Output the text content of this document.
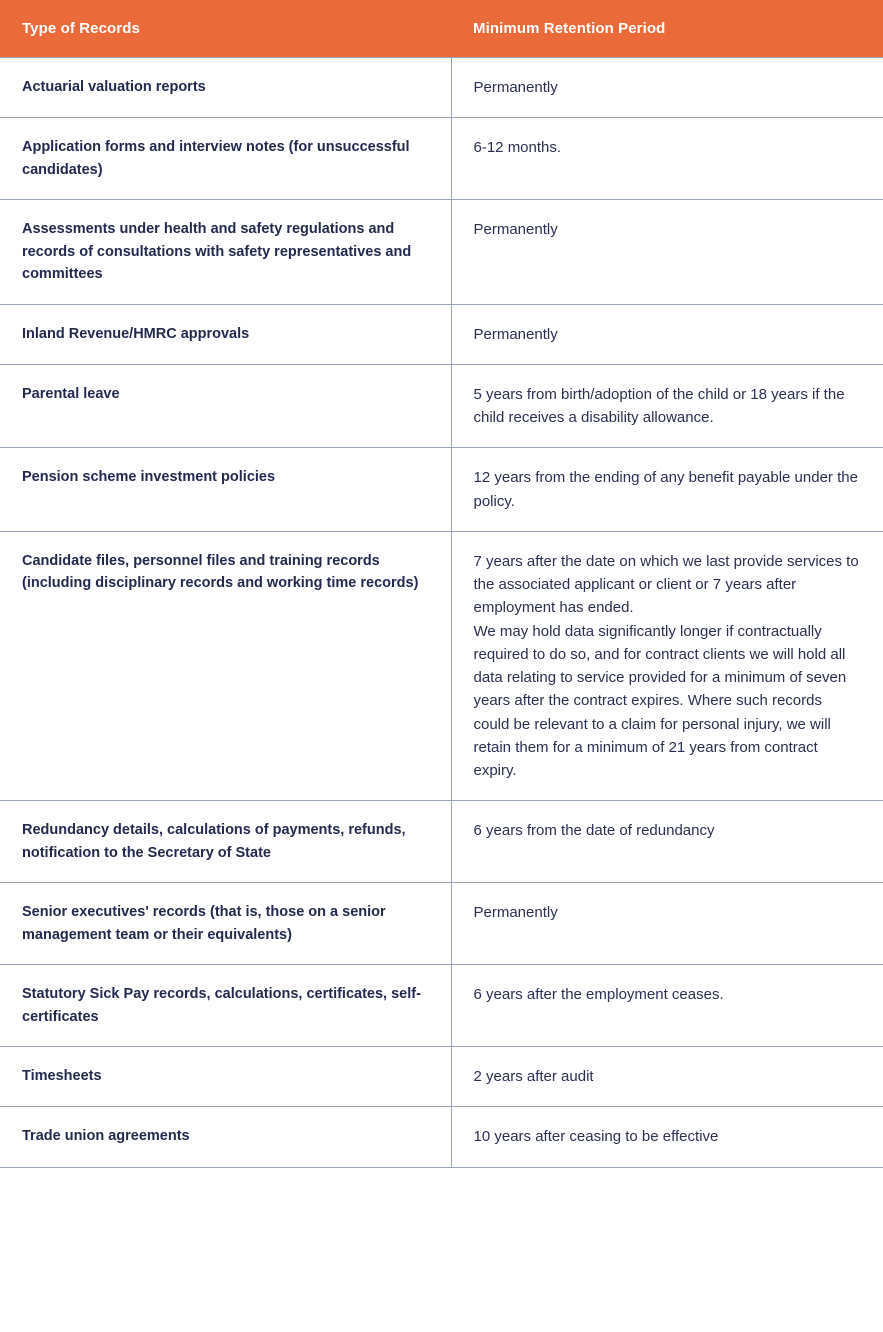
Type of Records	Minimum Retention Period
Actuarial valuation reports	Permanently
Application forms and interview notes (for unsuccessful candidates)	6-12 months.
Assessments under health and safety regulations and records of consultations with safety representatives and committees	Permanently
Inland Revenue/HMRC approvals	Permanently
Parental leave	5 years from birth/adoption of the child or 18 years if the child receives a disability allowance.
Pension scheme investment policies	12 years from the ending of any benefit payable under the policy.
Candidate files, personnel files and training records (including disciplinary records and working time records)	7 years after the date on which we last provide services to the associated applicant or client or 7 years after employment has ended.
We may hold data significantly longer if contractually required to do so, and for contract clients we will hold all data relating to service provided for a minimum of seven years after the contract expires. Where such records could be relevant to a claim for personal injury, we will retain them for a minimum of 21 years from contract expiry.

Redundancy details, calculations of payments, refunds, notification to the Secretary of State	6 years from the date of redundancy
Senior executives' records (that is, those on a senior management team or their equivalents)	Permanently
Statutory Sick Pay records, calculations, certificates, self-certificates	6 years after the employment ceases.
Timesheets	2 years after audit
Trade union agreements	10 years after ceasing to be effective
